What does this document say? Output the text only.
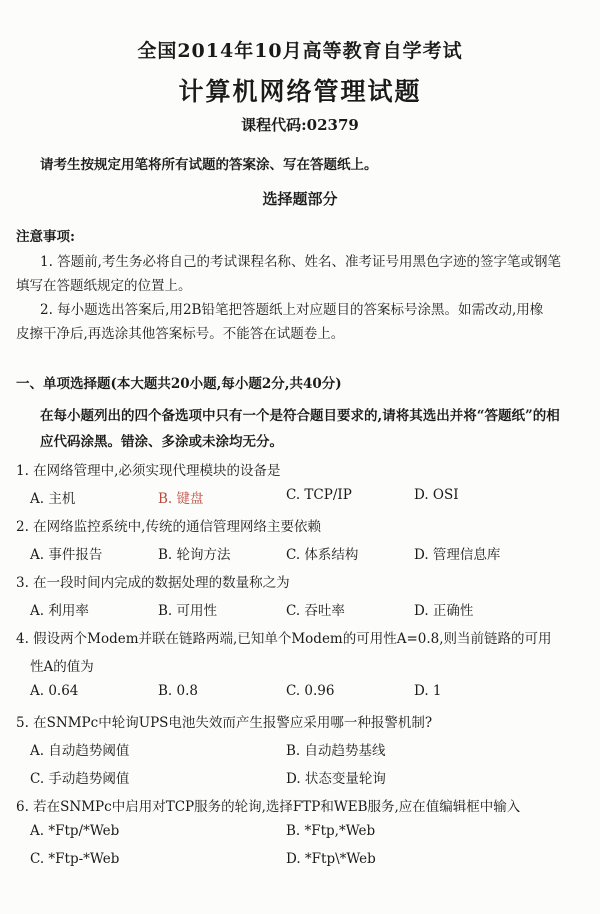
全国2014年10月高等教育自学考试
计算机网络管理试题
课程代码:02379
请考生按规定用笔将所有试题的答案涂、写在答题纸上。
选择题部分
注意事项:
1. 答题前,考生务必将自己的考试课程名称、姓名、准考证号用黑色字迹的签字笔或钢笔
填写在答题纸规定的位置上。
2. 每小题选出答案后,用2B铅笔把答题纸上对应题目的答案标号涂黑。如需改动,用橡
皮擦干净后,再选涂其他答案标号。不能答在试题卷上。
一、单项选择题(本大题共20小题,每小题2分,共40分)
在每小题列出的四个备选项中只有一个是符合题目要求的,请将其选出并将“答题纸”的相
应代码涂黑。错涂、多涂或未涂均无分。
1. 在网络管理中,必须实现代理模块的设备是
A. 主机	B. 键盘	C. TCP/IP	D. OSI
2. 在网络监控系统中,传统的通信管理网络主要依赖
A. 事件报告	B. 轮询方法	C. 体系结构	D. 管理信息库
3. 在一段时间内完成的数据处理的数量称之为
A. 利用率	B. 可用性	C. 吞吐率	D. 正确性
4. 假设两个Modem并联在链路两端,已知单个Modem的可用性A=0.8,则当前链路的可用
性A的值为
A. 0.64	B. 0.8	C. 0.96	D. 1
5. 在SNMPc中轮询UPS电池失效而产生报警应采用哪一种报警机制?
A. 自动趋势阈值	B. 自动趋势基线
C. 手动趋势阈值	D. 状态变量轮询
6. 若在SNMPc中启用对TCP服务的轮询,选择FTP和WEB服务,应在值编辑框中输入
A. *Ftp/*Web	B. *Ftp,*Web
C. *Ftp-*Web	D. *Ftp\*Web
